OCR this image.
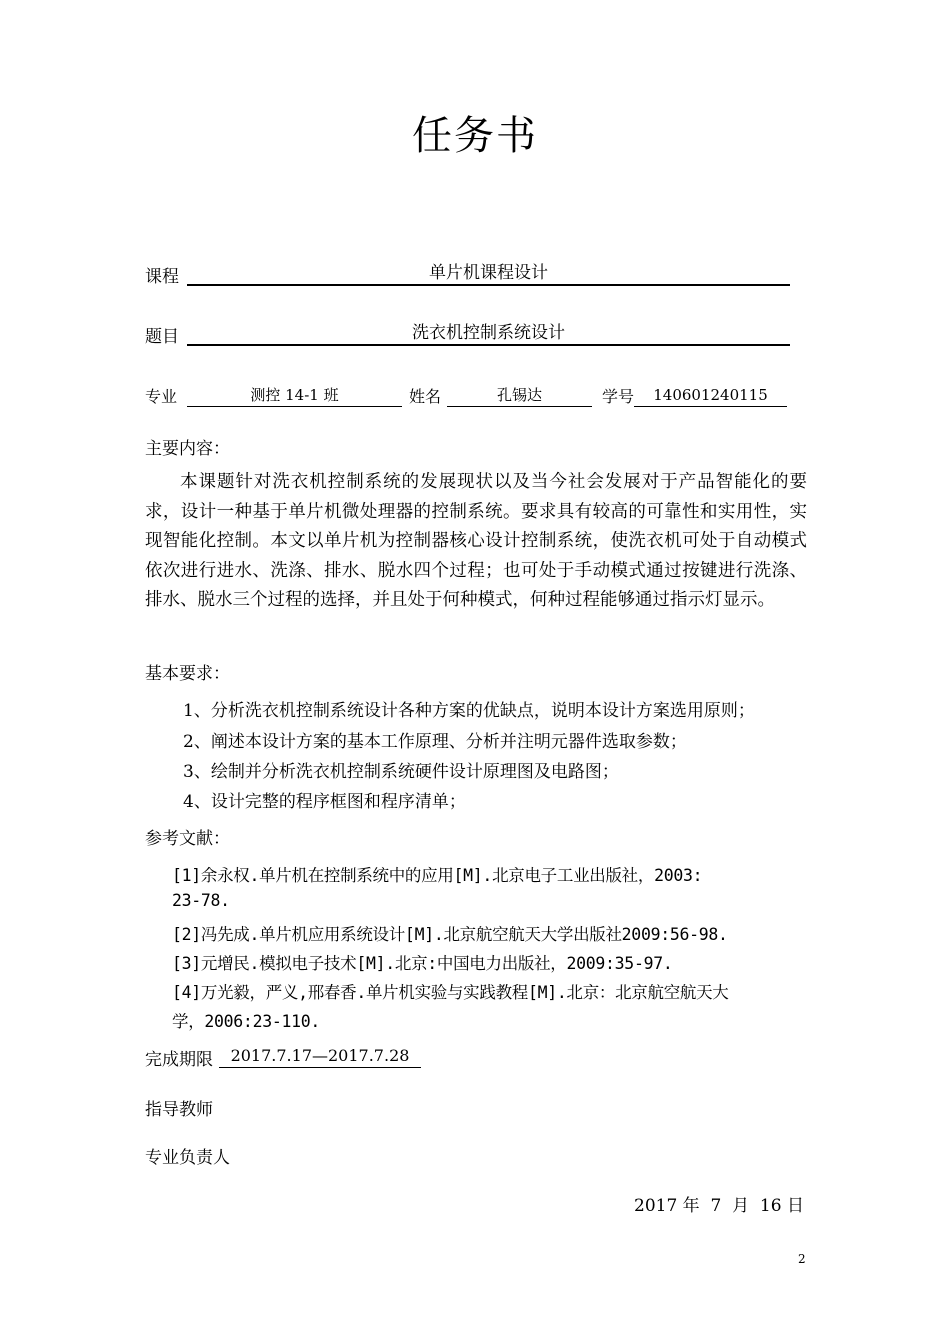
任务书
课程	单片机课程设计
题目	洗衣机控制系统设计
专业	测控 14-1 班	姓名	孔锡达	学号	140601240115
主要内容：

本课题针对洗衣机控制系统的发展现状以及当今社会发展对于产品智能化的要求，设计一种基于单片机微处理器的控制系统。要求具有较高的可靠性和实用性，实现智能化控制。本文以单片机为控制器核心设计控制系统，使洗衣机可处于自动模式依次进行进水、洗涤、排水、脱水四个过程；也可处于手动模式通过按键进行洗涤、排水、脱水三个过程的选择，并且处于何种模式，何种过程能够通过指示灯显示。

基本要求：
1、分析洗衣机控制系统设计各种方案的优缺点，说明本设计方案选用原则；
2、阐述本设计方案的基本工作原理、分析并注明元器件选取参数；
3、绘制并分析洗衣机控制系统硬件设计原理图及电路图；
4、设计完整的程序框图和程序清单；
参考文献：
[1]余永权.单片机在控制系统中的应用[M].北京电子工业出版社，2003:
23-78.
[2]冯先成.单片机应用系统设计[M].北京航空航天大学出版社2009:56-98.
[3]元增民.模拟电子技术[M].北京:中国电力出版社，2009:35-97.
[4]万光毅，严义,邢春香.单片机实验与实践教程[M].北京：北京航空航天大
学，2006:23-110.
完成期限	2017.7.17—2017.7.28
指导教师
专业负责人
2017 年  7  月  16 日
2
